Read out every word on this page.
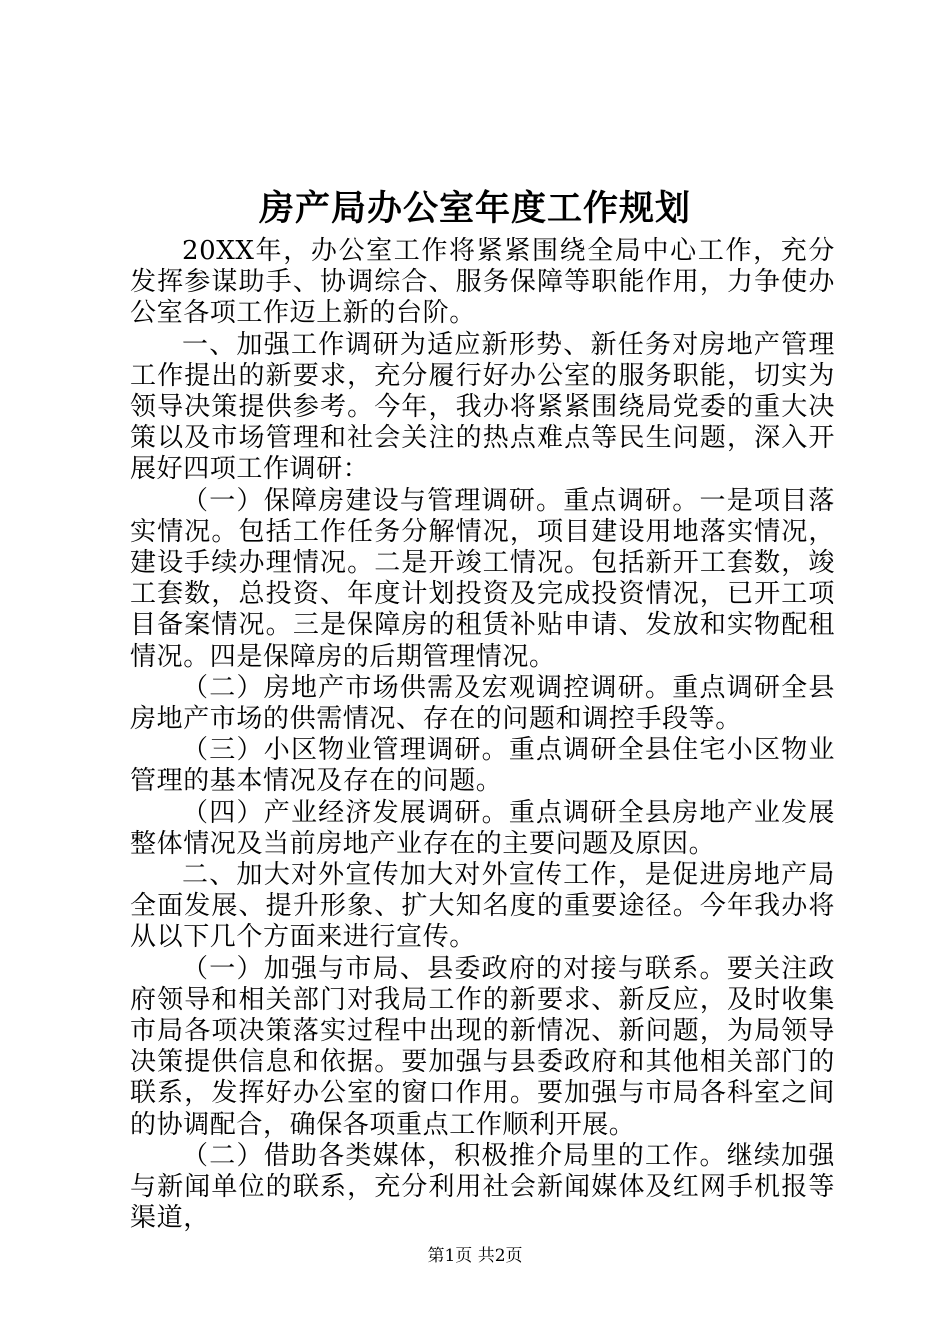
房产局办公室年度工作规划

20XX年，办公室工作将紧紧围绕全局中心工作，充分发挥参谋助手、协调综合、服务保障等职能作用，力争使办公室各项工作迈上新的台阶。

一、加强工作调研为适应新形势、新任务对房地产管理工作提出的新要求，充分履行好办公室的服务职能，切实为领导决策提供参考。今年，我办将紧紧围绕局党委的重大决策以及市场管理和社会关注的热点难点等民生问题，深入开展好四项工作调研：

（一）保障房建设与管理调研。重点调研。一是项目落实情况。包括工作任务分解情况，项目建设用地落实情况，建设手续办理情况。二是开竣工情况。包括新开工套数，竣工套数，总投资、年度计划投资及完成投资情况，已开工项目备案情况。三是保障房的租赁补贴申请、发放和实物配租情况。四是保障房的后期管理情况。

（二）房地产市场供需及宏观调控调研。重点调研全县房地产市场的供需情况、存在的问题和调控手段等。

（三）小区物业管理调研。重点调研全县住宅小区物业管理的基本情况及存在的问题。

（四）产业经济发展调研。重点调研全县房地产业发展整体情况及当前房地产业存在的主要问题及原因。

二、加大对外宣传加大对外宣传工作，是促进房地产局全面发展、提升形象、扩大知名度的重要途径。今年我办将从以下几个方面来进行宣传。

（一）加强与市局、县委政府的对接与联系。要关注政府领导和相关部门对我局工作的新要求、新反应，及时收集市局各项决策落实过程中出现的新情况、新问题，为局领导决策提供信息和依据。要加强与县委政府和其他相关部门的联系，发挥好办公室的窗口作用。要加强与市局各科室之间的协调配合，确保各项重点工作顺利开展。

（二）借助各类媒体，积极推介局里的工作。继续加强与新闻单位的联系，充分利用社会新闻媒体及红网手机报等渠道，

第1页 共2页
